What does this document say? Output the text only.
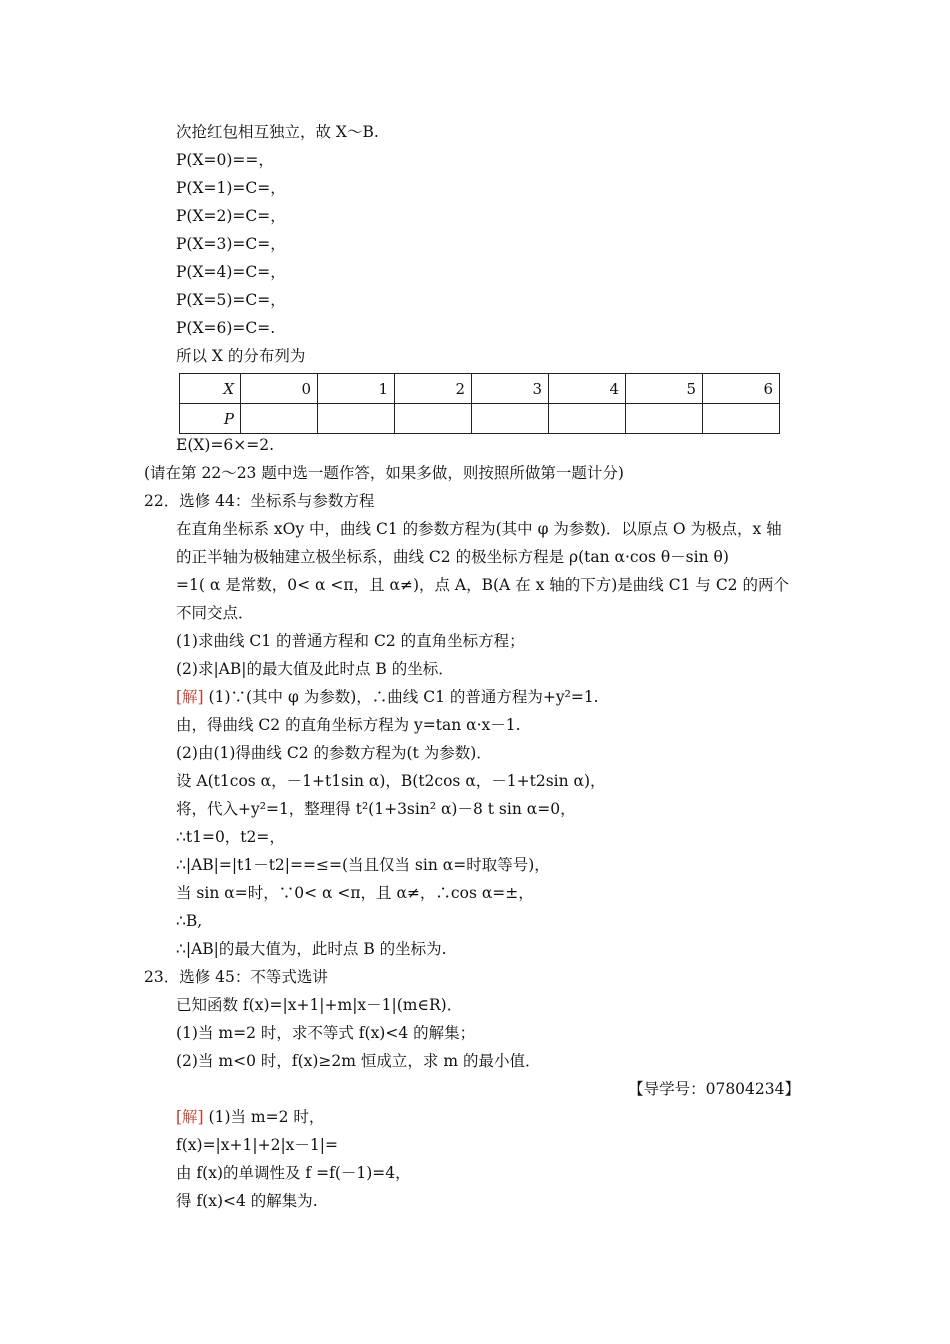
次抢红包相互独立，故 X～B.
P(X=0)==，
P(X=1)=C=，
P(X=2)=C=，
P(X=3)=C=，
P(X=4)=C=，
P(X=5)=C=，
P(X=6)=C=.
所以 X 的分布列为
X	0	1	2	3	4	5	6
P							
E(X)=6×=2.
(请在第 22～23 题中选一题作答，如果多做，则按照所做第一题计分)
22．选修 44：坐标系与参数方程
在直角坐标系 xOy 中，曲线 C1 的参数方程为(其中 φ 为参数)．以原点 O 为极点，x 轴
的正半轴为极轴建立极坐标系，曲线 C2 的极坐标方程是 ρ(tan α·cos θ－sin θ)
=1( α 是常数，0< α <π，且 α≠)，点 A，B(A 在 x 轴的下方)是曲线 C1 与 C2 的两个
不同交点．
(1)求曲线 C1 的普通方程和 C2 的直角坐标方程；
(2)求|AB|的最大值及此时点 B 的坐标．
[解] (1)∵(其中 φ 为参数)，∴曲线 C1 的普通方程为+y²=1.
由，得曲线 C2 的直角坐标方程为 y=tan α·x－1.
(2)由(1)得曲线 C2 的参数方程为(t 为参数)．
设 A(t1cos α，－1+t1sin α)，B(t2cos α，－1+t2sin α)，
将，代入+y²=1，整理得 t²(1+3sin² α)－8 t sin α=0，
∴t1=0，t2=，
∴|AB|=|t1－t2|==≤=(当且仅当 sin α=时取等号)，
当 sin α=时，∵0< α <π，且 α≠，∴cos α=±，
∴B,
∴|AB|的最大值为，此时点 B 的坐标为.
23．选修 45：不等式选讲
已知函数 f(x)=|x+1|+m|x－1|(m∈R)．
(1)当 m=2 时，求不等式 f(x)<4 的解集；
(2)当 m<0 时，f(x)≥2m 恒成立，求 m 的最小值．
【导学号：07804234】
[解] (1)当 m=2 时，
f(x)=|x+1|+2|x－1|=
由 f(x)的单调性及 f =f(－1)=4，
得 f(x)<4 的解集为.
